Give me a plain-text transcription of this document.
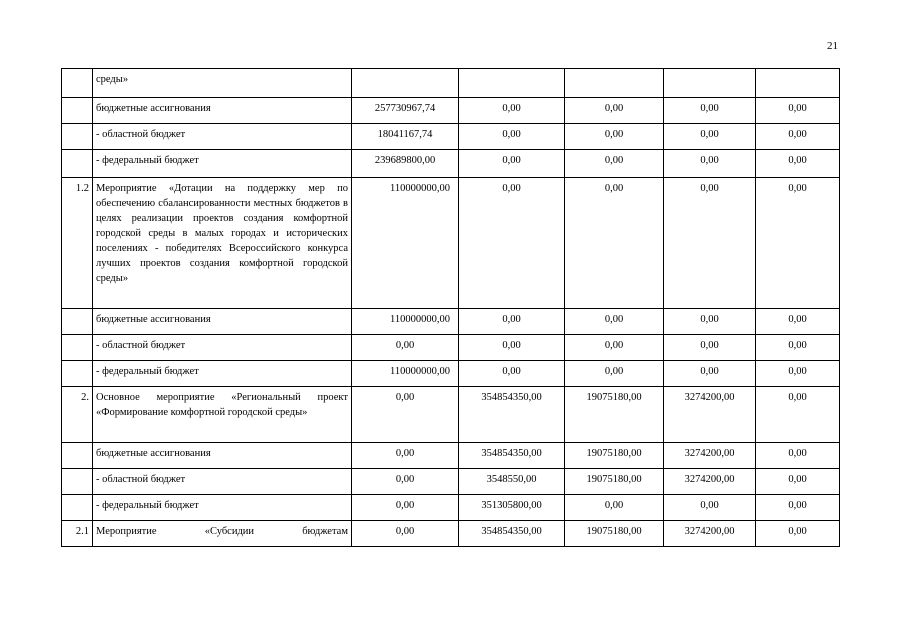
21
	среды»					
	бюджетные ассигнования	257730967,74	0,00	0,00	0,00	0,00
	- областной бюджет	18041167,74	0,00	0,00	0,00	0,00
	- федеральный бюджет	239689800,00	0,00	0,00	0,00	0,00
1.2	Мероприятие «Дотации на поддержку мер по обеспечению сбалансированности местных бюджетов в целях реализации проектов создания комфортной городской среды в малых городах и исторических поселениях - победителях Всероссийского конкурса лучших проектов создания комфортной городской среды»	110000000,00	0,00	0,00	0,00	0,00
	бюджетные ассигнования	110000000,00	0,00	0,00	0,00	0,00
	- областной бюджет	0,00	0,00	0,00	0,00	0,00
	- федеральный бюджет	110000000,00	0,00	0,00	0,00	0,00
2.	Основное мероприятие «Региональный проект «Формирование комфортной городской среды»	0,00	354854350,00	19075180,00	3274200,00	0,00
	бюджетные ассигнования	0,00	354854350,00	19075180,00	3274200,00	0,00
	- областной бюджет	0,00	3548550,00	19075180,00	3274200,00	0,00
	- федеральный бюджет	0,00	351305800,00	0,00	0,00	0,00
2.1	Мероприятие «Субсидии бюджетам	0,00	354854350,00	19075180,00	3274200,00	0,00
